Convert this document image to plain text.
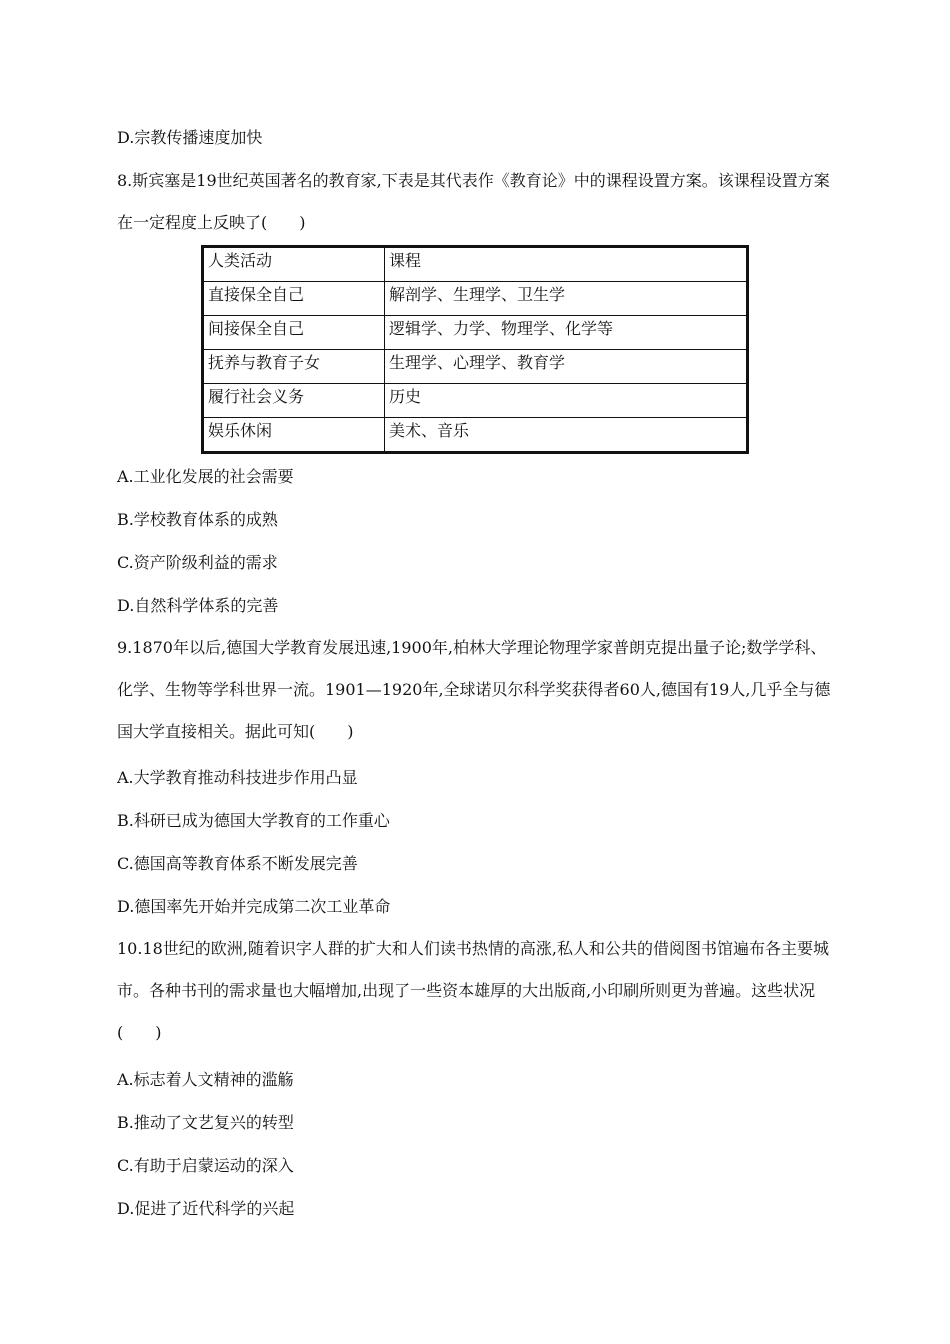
D.宗教传播速度加快
8.斯宾塞是19世纪英国著名的教育家,下表是其代表作《教育论》中的课程设置方案。该课程设置方案在一定程度上反映了(　　)
人类活动	课程
直接保全自己	解剖学、生理学、卫生学
间接保全自己	逻辑学、力学、物理学、化学等
抚养与教育子女	生理学、心理学、教育学
履行社会义务	历史
娱乐休闲	美术、音乐
A.工业化发展的社会需要
B.学校教育体系的成熟
C.资产阶级利益的需求
D.自然科学体系的完善
9.1870年以后,德国大学教育发展迅速,1900年,柏林大学理论物理学家普朗克提出量子论;数学学科、化学、生物等学科世界一流。1901—1920年,全球诺贝尔科学奖获得者60人,德国有19人,几乎全与德国大学直接相关。据此可知(　　)
A.大学教育推动科技进步作用凸显
B.科研已成为德国大学教育的工作重心
C.德国高等教育体系不断发展完善
D.德国率先开始并完成第二次工业革命
10.18世纪的欧洲,随着识字人群的扩大和人们读书热情的高涨,私人和公共的借阅图书馆遍布各主要城市。各种书刊的需求量也大幅增加,出现了一些资本雄厚的大出版商,小印刷所则更为普遍。这些状况(　　)
A.标志着人文精神的滥觞
B.推动了文艺复兴的转型
C.有助于启蒙运动的深入
D.促进了近代科学的兴起
